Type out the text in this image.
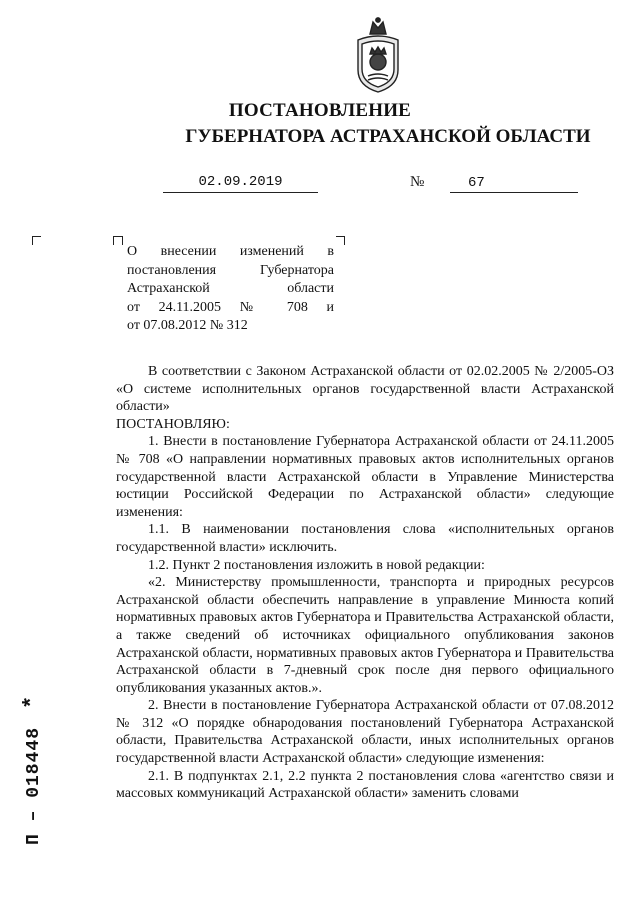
ПОСТАНОВЛЕНИЕ
ГУБЕРНАТОРА АСТРАХАНСКОЙ ОБЛАСТИ
02.09.2019	№	67
О внесении изменений в
постановления Губернатора
Астраханской области
от 24.11.2005 № 708 и
от 07.08.2012 № 312

В соответствии с Законом Астраханской области от 02.02.2005 № 2/2005-ОЗ «О системе исполнительных органов государственной власти Астраханской области»

ПОСТАНОВЛЯЮ:

1. Внести в постановление Губернатора Астраханской области от 24.11.2005 № 708 «О направлении нормативных правовых актов исполнительных органов государственной власти Астраханской области в Управление Министерства юстиции Российской Федерации по Астраханской области» следующие изменения:

1.1. В наименовании постановления слова «исполнительных органов государственной власти» исключить.

1.2. Пункт 2 постановления изложить в новой редакции:

«2. Министерству промышленности, транспорта и природных ресурсов Астраханской области обеспечить направление в управление Минюста копий нормативных правовых актов Губернатора и Правительства Астраханской области, а также сведений об источниках официального опубликования законов Астраханской области, нормативных правовых актов Губернатора и Правительства Астраханской области в 7-дневный срок после дня первого официального опубликования указанных актов.».

2. Внести в постановление Губернатора Астраханской области от 07.08.2012 № 312 «О порядке обнародования постановлений Губернатора Астраханской области, Правительства Астраханской области, иных исполнительных органов государственной власти Астраханской области» следующие изменения:

2.1. В подпунктах 2.1, 2.2 пункта 2 постановления слова «агентство связи и массовых коммуникаций Астраханской области» заменить словами

П – 018448*
